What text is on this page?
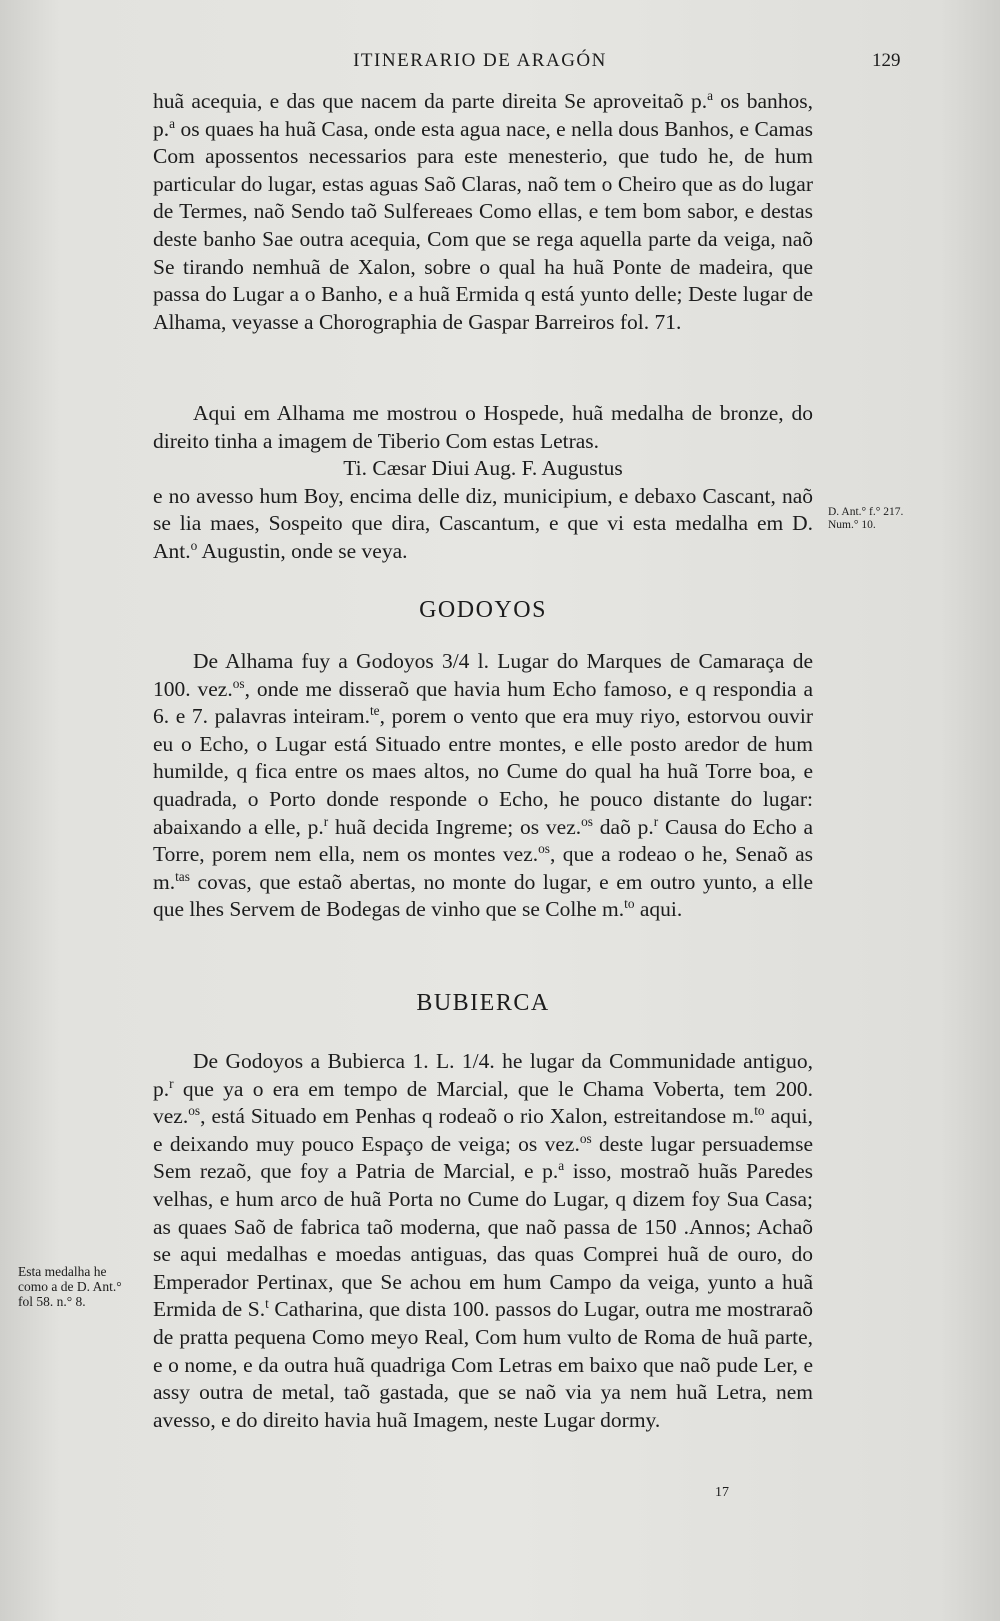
ITINERARIO DE ARAGÓN	129

huã acequia, e das que nacem da parte direita Se aproveitaõ p.$^a$ os banhos, p.$^a$ os quaes ha huã Casa, onde esta agua nace, e nella dous Banhos, e Camas Com apossentos necessarios para este menesterio, que tudo he, de hum particular do lugar, estas aguas Saõ Claras, naõ tem o Cheiro que as do lugar de Termes, naõ Sendo taõ Sulfereaes Como ellas, e tem bom sabor, e destas deste banho Sae outra acequia, Com que se rega aquella parte da veiga, naõ Se tirando nemhuã de Xalon, sobre o qual ha huã Ponte de madeira, que passa do Lugar a o Banho, e a huã Ermida q está yunto delle; Deste lugar de Alhama, veyasse a Chorographia de Gaspar Barreiros fol. 71.

Aqui em Alhama me mostrou o Hospede, huã medalha de bronze, do direito tinha a imagem de Tiberio Com estas Letras.

Ti. Cæsar Diui Aug. F. Augustus

e no avesso hum Boy, encima delle diz, municipium, e debaxo Cascant, naõ se lia maes, Sospeito que dira, Cascantum, e que vi esta medalha em D. Ant.$^o$ Augustin, onde se veya.

D. Ant.° f.° 217.
Num.° 10.
GODOYOS

De Alhama fuy a Godoyos 3/4 l. Lugar do Marques de Camaraça de 100. vez.$^{os}$, onde me disseraõ que havia hum Echo famoso, e q respondia a 6. e 7. palavras inteiram.$^{te}$, porem o vento que era muy riyo, estorvou ouvir eu o Echo, o Lugar está Situado entre montes, e elle posto aredor de hum humilde, q fica entre os maes altos, no Cume do qual ha huã Torre boa, e quadrada, o Porto donde responde o Echo, he pouco distante do lugar: abaixando a elle, p.$^r$ huã decida Ingreme; os vez.$^{os}$ daõ p.$^r$ Causa do Echo a Torre, porem nem ella, nem os montes vez.$^{os}$, que a rodeao o he, Senaõ as m.$^{tas}$ covas, que estaõ abertas, no monte do lugar, e em outro yunto, a elle que lhes Servem de Bodegas de vinho que se Colhe m.$^{to}$ aqui.

BUBIERCA

De Godoyos a Bubierca 1. L. 1/4. he lugar da Communidade antiguo, p.$^r$ que ya o era em tempo de Marcial, que le Chama Voberta, tem 200. vez.$^{os}$, está Situado em Penhas q rodeaõ o rio Xalon, estreitandose m.$^{to}$ aqui, e deixando muy pouco Espaço de veiga; os vez.$^{os}$ deste lugar persuademse Sem rezaõ, que foy a Patria de Marcial, e p.$^a$ isso, mostraõ huãs Paredes velhas, e hum arco de huã Porta no Cume do Lugar, q dizem foy Sua Casa; as quaes Saõ de fabrica taõ moderna, que naõ passa de 150 .Annos; Achaõ se aqui medalhas e moedas antiguas, das quas Comprei huã de ouro, do Emperador Pertinax, que Se achou em hum Campo da veiga, yunto a huã Ermida de S.$^t$ Catharina, que dista 100. passos do Lugar, outra me mostraraõ de pratta pequena Como meyo Real, Com hum vulto de Roma de huã parte, e o nome, e da outra huã quadriga Com Letras em baixo que naõ pude Ler, e assy outra de metal, taõ gastada, que se naõ via ya nem huã Letra, nem avesso, e do direito havia huã Imagem, neste Lugar dormy.

Esta medalha he
como a de D. Ant.°
fol 58. n.° 8.
17
